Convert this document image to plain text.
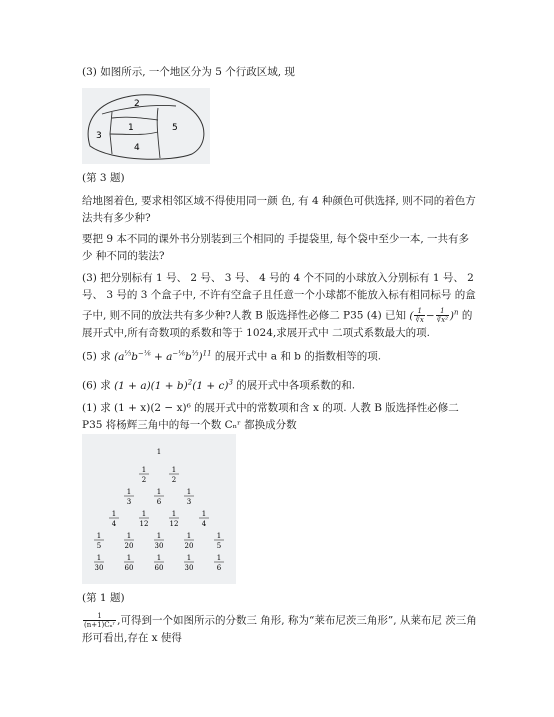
(3) 如图所示, 一个地区分为 5 个行政区域, 现

2
3
1
4
5

(第 3 题)

给地图着色, 要求相邻区域不得使用同一颜 色, 有 4 种颜色可供选择, 则不同的着色方 法共有多少种?

要把 9 本不同的课外书分别装到三个相同的 手提袋里, 每个袋中至少一本, 一共有多少 种不同的装法?

(3) 把分别标有 1 号、 2 号、 3 号、 4 号的 4 个不同的小球放入分别标有 1 号、 2 号、 3 号的 3 个盒子中, 不许有空盒子且任意一个小球都不能放入标有相同标号 的盒子中, 则不同的放法共有多少种?人教 B 版选择性必修二 P35 (4) 已知 ( $\frac{1}{∛x} - \frac{1}{\text{∛x²}} )^n$ 的展开式中,所有奇数项的系数和等于 1024,求展开式中 二项式系数最大的项.

(5) 求 $(a^{\frac{1}{3}}b^{-\frac{1}{6}} + a^{-\frac{1}{6}}b^{\frac{1}{3}})^{11}$ 的展开式中 a 和 b 的指数相等的项.

(6) 求 $(1 + a)(1 + b)^2(1 + c)^3$ 的展开式中各项系数的和.

(1) 求 (1 + x)(2 − x)⁶ 的展开式中的常数项和含 x 的项. 人教 B 版选择性必修二 P35 将杨辉三角中的每一个数 Cₙʳ 都换成分数

1
1
2
1
2
1
3
1
6
1
3
1
4
1
12
1
12
1
4
1
5
1
20
1
30
1
20
1
5
1
30
1
60
1
60
1
30
1
6

(第 1 题)

$\frac{1}{\text{(n+1)Cₙʳ}}$ ,可得到一个如图所示的分数三 角形, 称为“莱布尼茨三角形”, 从莱布尼 茨三角形可看出,存在 x 使得
